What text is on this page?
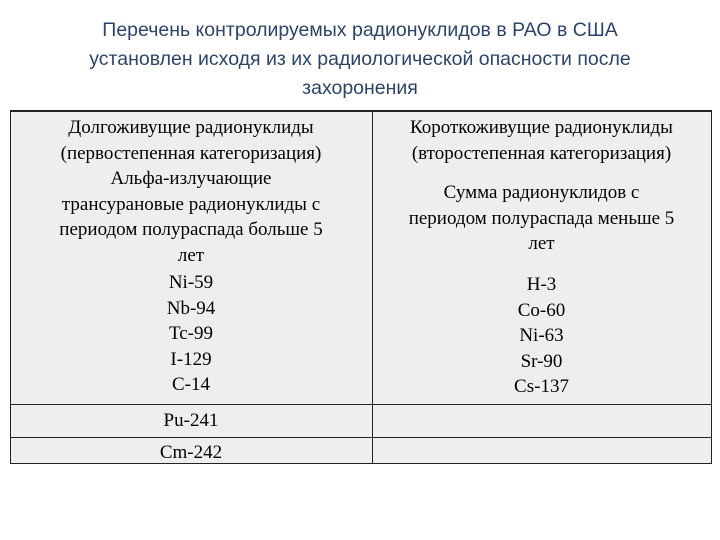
Перечень контролируемых радионуклидов в РАО в США
установлен исходя из их радиологической опасности после
захоронения
Долгоживущие радионуклиды
(первостепенная категоризация)
Альфа-излучающие
трансурановые радионуклиды с
периодом полураспада больше 5
лет
Ni-59
Nb-94
Tc-99
I-129
C-14
Pu-241
Cm-242
Короткоживущие радионуклиды
(второстепенная категоризация)
Сумма радионуклидов с
периодом полураспада меньше 5
лет
H-3
Co-60
Ni-63
Sr-90
Cs-137
